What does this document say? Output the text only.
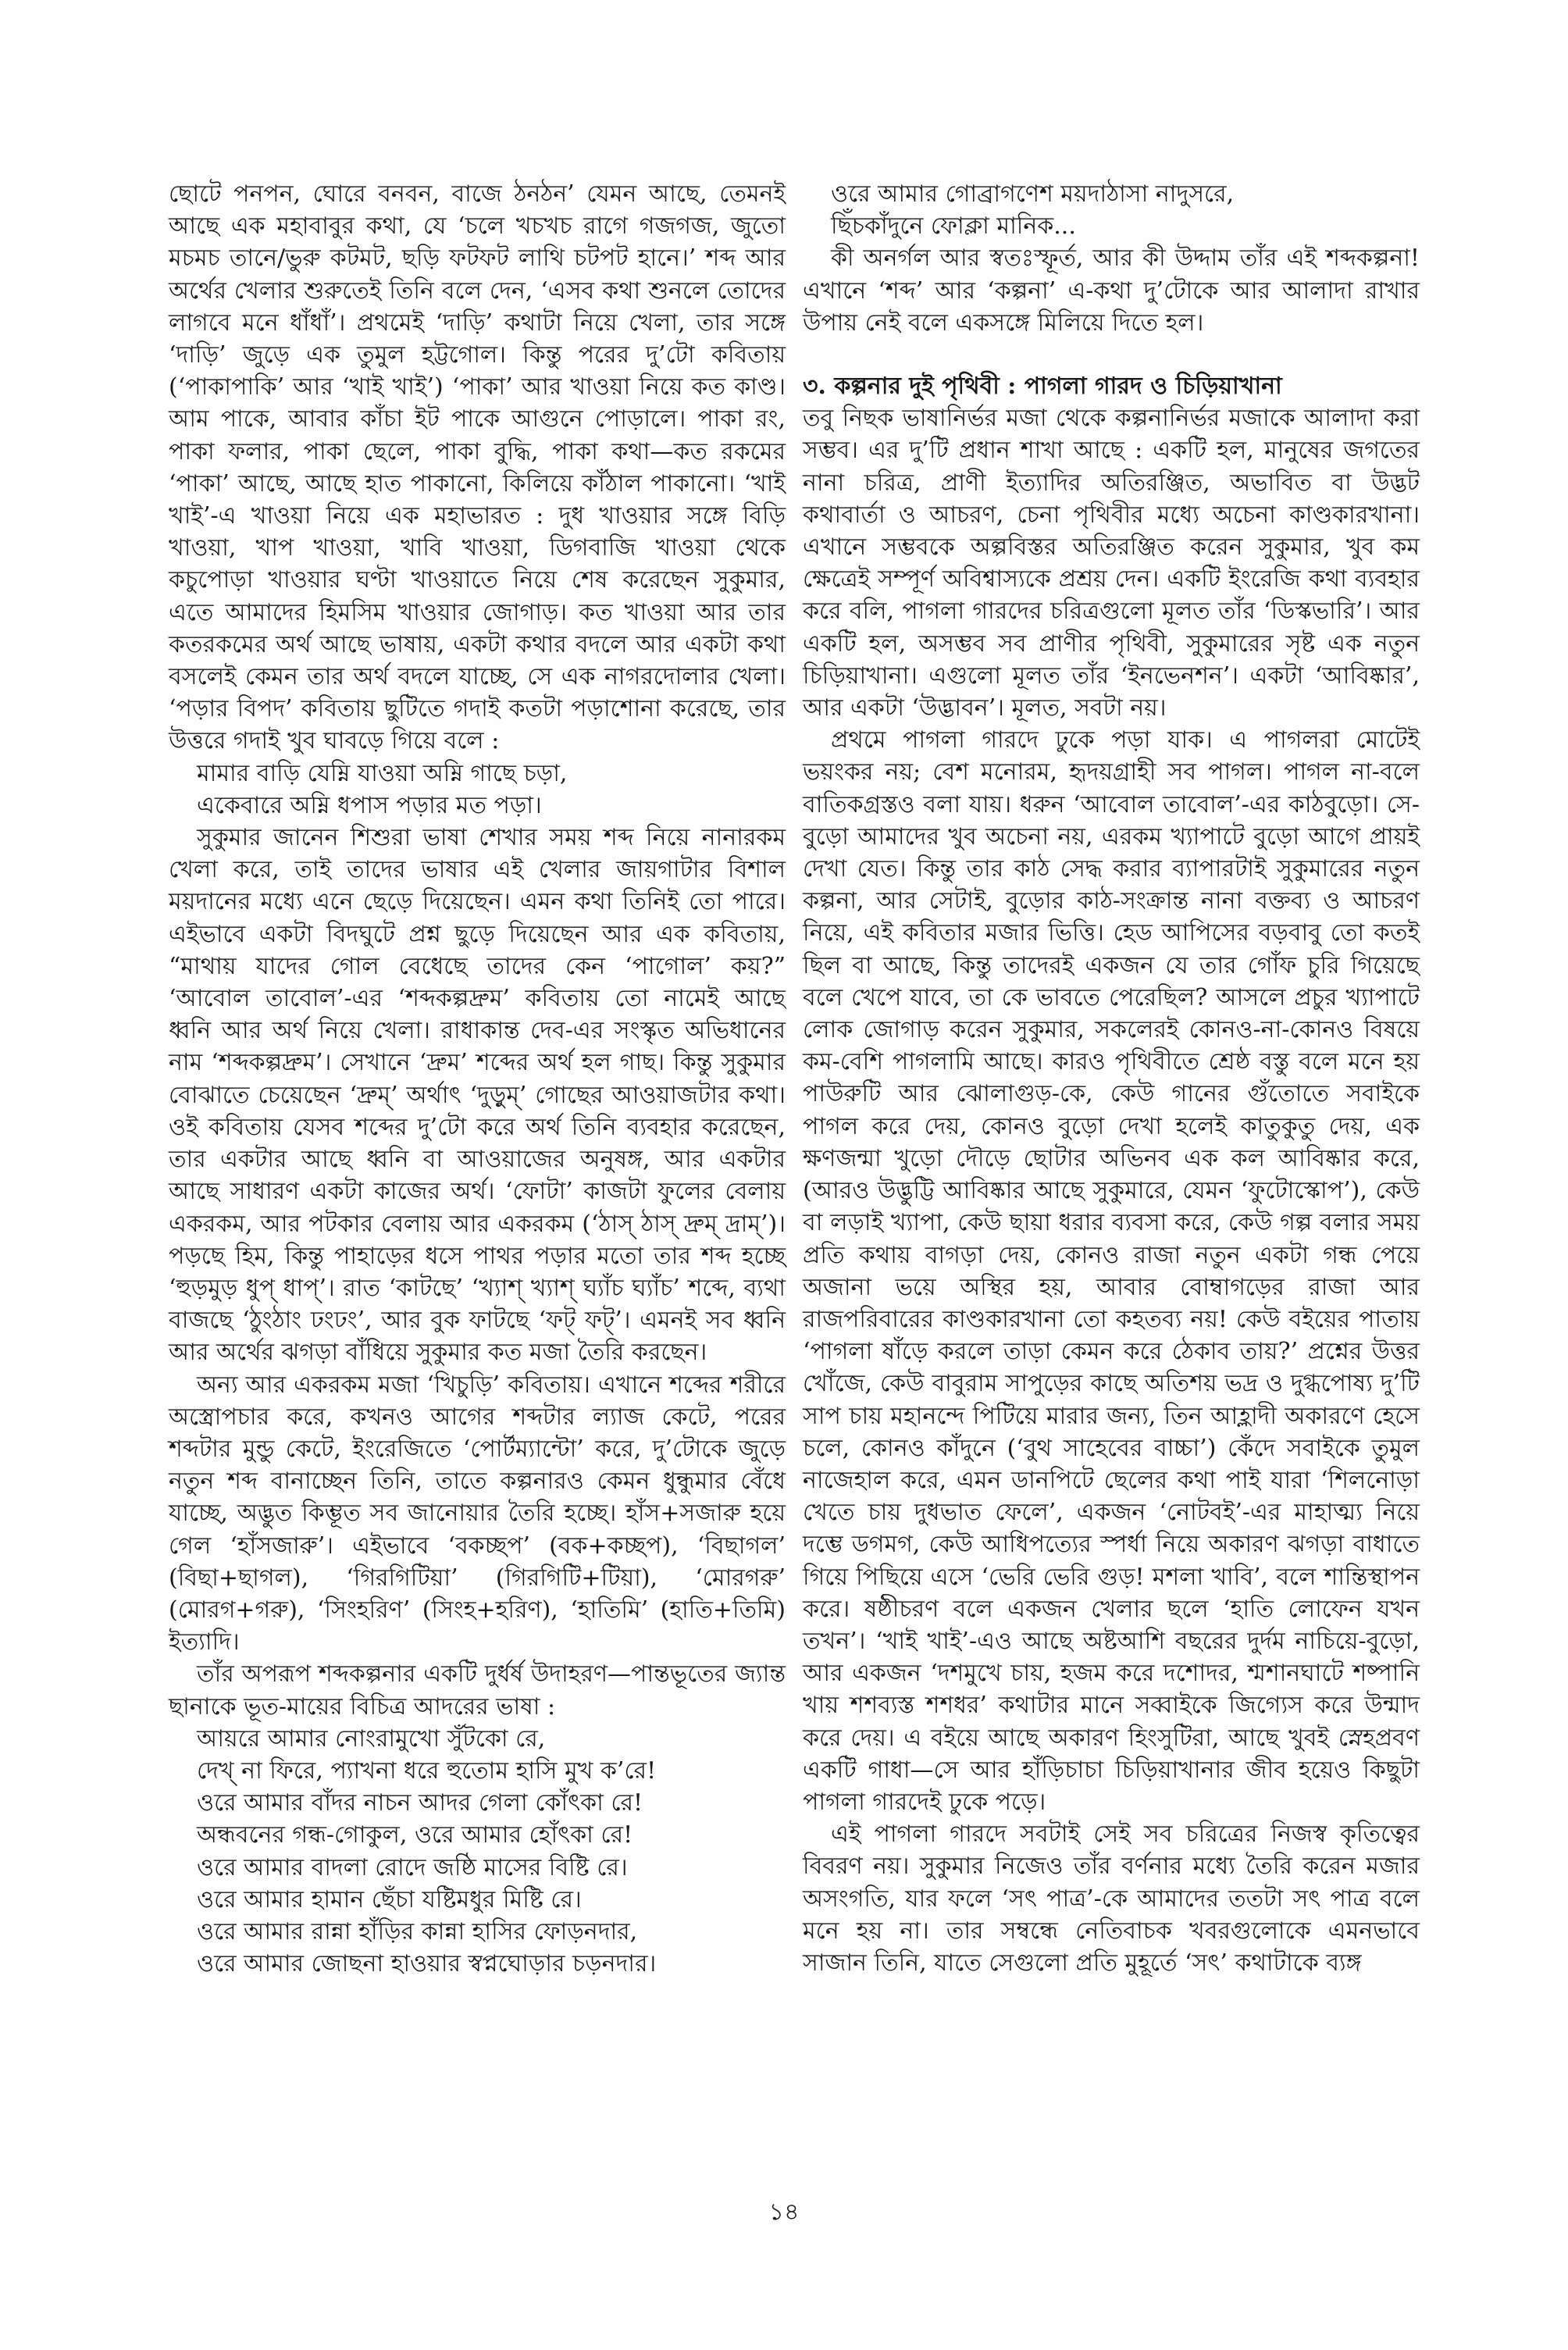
ছোটে পনপন, ঘোরে বনবন, বাজে ঠনঠন’ যেমন আছে, তেমনই আছে এক মহাবাবুর কথা, যে ‘চলে খচখচ রাগে গজগজ, জুতো মচমচ তানে/ভুরু কটমট, ছড়ি ফটফট লাথি চটপট হানে।’ শব্দ আর অর্থের খেলার শুরুতেই তিনি বলে দেন, ‘এসব কথা শুনলে তোদের লাগবে মনে ধাঁধাঁ’। প্রথমেই ‘দাড়ি’ কথাটা নিয়ে খেলা, তার সঙ্গে ‘দাড়ি’ জুড়ে এক তুমুল হট্টগোল। কিন্তু পরের দু’টো কবিতায় (‘পাকাপাকি’ আর ‘খাই খাই’) ‘পাকা’ আর খাওয়া নিয়ে কত কাণ্ড। আম পাকে, আবার কাঁচা ইট পাকে আগুনে পোড়ালে। পাকা রং, পাকা ফলার, পাকা ছেলে, পাকা বুদ্ধি, পাকা কথা—কত রকমের ‘পাকা’ আছে, আছে হাত পাকানো, কিলিয়ে কাঁঠাল পাকানো। ‘খাই খাই’-এ খাওয়া নিয়ে এক মহাভারত : দুধ খাওয়ার সঙ্গে বিড়ি খাওয়া, খাপ খাওয়া, খাবি খাওয়া, ডিগবাজি খাওয়া থেকে কচুপোড়া খাওয়ার ঘণ্টা খাওয়াতে নিয়ে শেষ করেছেন সুকুমার, এতে আমাদের হিমসিম খাওয়ার জোগাড়। কত খাওয়া আর তার কতরকমের অর্থ আছে ভাষায়, একটা কথার বদলে আর একটা কথা বসলেই কেমন তার অর্থ বদলে যাচ্ছে, সে এক নাগরদোলার খেলা। ‘পড়ার বিপদ’ কবিতায় ছুটিতে গদাই কতটা পড়াশোনা করেছে, তার উত্তরে গদাই খুব ঘাবড়ে গিয়ে বলে :

মামার বাড়ি যেম্নি যাওয়া অম্নি গাছে চড়া,
একেবারে অম্নি ধপাস পড়ার মত পড়া।

সুকুমার জানেন শিশুরা ভাষা শেখার সময় শব্দ নিয়ে নানারকম খেলা করে, তাই তাদের ভাষার এই খেলার জায়গাটার বিশাল ময়দানের মধ্যে এনে ছেড়ে দিয়েছেন। এমন কথা তিনিই তো পারে। এইভাবে একটা বিদঘুটে প্রশ্ন ছুড়ে দিয়েছেন আর এক কবিতায়, “মাথায় যাদের গোল বেধেছে তাদের কেন ‘পাগোল’ কয়?” ‘আবোল তাবোল’-এর ‘শব্দকল্পদ্রুম’ কবিতায় তো নামেই আছে ধ্বনি আর অর্থ নিয়ে খেলা। রাধাকান্ত দেব-এর সংস্কৃত অভিধানের নাম ‘শব্দকল্পদ্রুম’। সেখানে ‘দ্রুম’ শব্দের অর্থ হল গাছ। কিন্তু সুকুমার বোঝাতে চেয়েছেন ‘দ্রুম্’ অর্থাৎ ‘দুড়ুম্’ গোছের আওয়াজটার কথা। ওই কবিতায় যেসব শব্দের দু’টো করে অর্থ তিনি ব্যবহার করেছেন, তার একটার আছে ধ্বনি বা আওয়াজের অনুষঙ্গ, আর একটার আছে সাধারণ একটা কাজের অর্থ। ‘ফোটা’ কাজটা ফুলের বেলায় একরকম, আর পটকার বেলায় আর একরকম (‘ঠাস্ ঠাস্ দ্রুম্ দ্রাম্’)। পড়ছে হিম, কিন্তু পাহাড়ের ধসে পাথর পড়ার মতো তার শব্দ হচ্ছে ‘হুড়মুড় ধুপ্ ধাপ্’। রাত ‘কাটছে’ ‘খ্যাশ্ খ্যাশ্ ঘ্যাঁচ ঘ্যাঁচ’ শব্দে, ব্যথা বাজছে ‘ঠুংঠাং ঢংঢং’, আর বুক ফাটছে ‘ফট্ ফট্’। এমনই সব ধ্বনি আর অর্থের ঝগড়া বাঁধিয়ে সুকুমার কত মজা তৈরি করছেন।

অন্য আর একরকম মজা ‘খিচুড়ি’ কবিতায়। এখানে শব্দের শরীরে অস্ত্রোপচার করে, কখনও আগের শব্দটার ল্যাজ কেটে, পরের শব্দটার মুন্ডু কেটে, ইংরেজিতে ‘পোর্টম্যান্টো’ করে, দু’টোকে জুড়ে নতুন শব্দ বানাচ্ছেন তিনি, তাতে কল্পনারও কেমন ধুন্ধুমার বেঁধে যাচ্ছে, অদ্ভুত কিম্ভূত সব জানোয়ার তৈরি হচ্ছে। হাঁস+সজারু হয়ে গেল ‘হাঁসজারু’। এইভাবে ‘বকচ্ছপ’ (বক+কচ্ছপ), ‘বিছাগল’ (বিছা+ছাগল), ‘গিরগিটিয়া’ (গিরগিটি+টিয়া), ‘মোরগরু’ (মোরগ+গরু), ‘সিংহরিণ’ (সিংহ+হরিণ), ‘হাতিমি’ (হাতি+তিমি) ইত্যাদি।

তাঁর অপরূপ শব্দকল্পনার একটি দুর্ধর্ষ উদাহরণ—পান্তভূতের জ্যান্ত ছানাকে ভূত-মায়ের বিচিত্র আদরের ভাষা :

আয়রে আমার নোংরামুখো সুঁটকো রে,
দেখ্ না ফিরে, প্যাখনা ধরে হুতোম হাসি মুখ ক’রে!
ওরে আমার বাঁদর নাচন আদর গেলা কোঁৎকা রে!
অন্ধবনের গন্ধ-গোকুল, ওরে আমার হোঁৎকা রে!
ওরে আমার বাদলা রোদে জষ্ঠি মাসের বিষ্টি রে।
ওরে আমার হামান ছেঁচা যষ্টিমধুর মিষ্টি রে।
ওরে আমার রান্না হাঁড়ির কান্না হাসির ফোড়নদার,
ওরে আমার জোছনা হাওয়ার স্বপ্নঘোড়ার চড়নদার।
ওরে আমার গোব্রাগণেশ ময়দাঠাসা নাদুসরে,
ছিঁচকাঁদুনে ফোক্লা মানিক...

কী অনর্গল আর স্বতঃস্ফূর্ত, আর কী উদ্দাম তাঁর এই শব্দকল্পনা! এখানে ‘শব্দ’ আর ‘কল্পনা’ এ-কথা দু’টোকে আর আলাদা রাখার উপায় নেই বলে একসঙ্গে মিলিয়ে দিতে হল।

৩. কল্পনার দুই পৃথিবী : পাগলা গারদ ও চিড়িয়াখানা

তবু নিছক ভাষানির্ভর মজা থেকে কল্পনানির্ভর মজাকে আলাদা করা সম্ভব। এর দু’টি প্রধান শাখা আছে : একটি হল, মানুষের জগতের নানা চরিত্র, প্রাণী ইত্যাদির অতিরঞ্জিত, অভাবিত বা উদ্ভট কথাবার্তা ও আচরণ, চেনা পৃথিবীর মধ্যে অচেনা কাণ্ডকারখানা। এখানে সম্ভবকে অল্পবিস্তর অতিরঞ্জিত করেন সুকুমার, খুব কম ক্ষেত্রেই সম্পূর্ণ অবিশ্বাস্যকে প্রশ্রয় দেন। একটি ইংরেজি কথা ব্যবহার করে বলি, পাগলা গারদের চরিত্রগুলো মূলত তাঁর ‘ডিস্কভারি’। আর একটি হল, অসম্ভব সব প্রাণীর পৃথিবী, সুকুমারের সৃষ্ট এক নতুন চিড়িয়াখানা। এগুলো মূলত তাঁর ‘ইনভেনশন’। একটা ‘আবিষ্কার’, আর একটা ‘উদ্ভাবন’। মূলত, সবটা নয়।

প্রথমে পাগলা গারদে ঢুকে পড়া যাক। এ পাগলরা মোটেই ভয়ংকর নয়; বেশ মনোরম, হৃদয়গ্রাহী সব পাগল। পাগল না-বলে বাতিকগ্রস্তও বলা যায়। ধরুন ‘আবোল তাবোল’-এর কাঠবুড়ো। সে-বুড়ো আমাদের খুব অচেনা নয়, এরকম খ্যাপাটে বুড়ো আগে প্রায়ই দেখা যেত। কিন্তু তার কাঠ সেদ্ধ করার ব্যাপারটাই সুকুমারের নতুন কল্পনা, আর সেটাই, বুড়োর কাঠ-সংক্রান্ত নানা বক্তব্য ও আচরণ নিয়ে, এই কবিতার মজার ভিত্তি। হেড আপিসের বড়বাবু তো কতই ছিল বা আছে, কিন্তু তাদেরই একজন যে তার গোঁফ চুরি গিয়েছে বলে খেপে যাবে, তা কে ভাবতে পেরেছিল? আসলে প্রচুর খ্যাপাটে লোক জোগাড় করেন সুকুমার, সকলেরই কোনও-না-কোনও বিষয়ে কম-বেশি পাগলামি আছে। কারও পৃথিবীতে শ্রেষ্ঠ বস্তু বলে মনে হয় পাউরুটি আর ঝোলাগুড়-কে, কেউ গানের গুঁতোতে সবাইকে পাগল করে দেয়, কোনও বুড়ো দেখা হলেই কাতুকুতু দেয়, এক ক্ষণজন্মা খুড়ো দৌড়ে ছোটার অভিনব এক কল আবিষ্কার করে, (আরও উদ্ভুট্টি আবিষ্কার আছে সুকুমারে, যেমন ‘ফুটোস্কোপ’), কেউ বা লড়াই খ্যাপা, কেউ ছায়া ধরার ব্যবসা করে, কেউ গল্প বলার সময় প্রতি কথায় বাগড়া দেয়, কোনও রাজা নতুন একটা গন্ধ পেয়ে অজানা ভয়ে অস্থির হয়, আবার বোম্বাগড়ের রাজা আর রাজপরিবারের কাণ্ডকারখানা তো কহতব্য নয়! কেউ বইয়ের পাতায় ‘পাগলা ষাঁড়ে করলে তাড়া কেমন করে ঠেকাব তায়?’ প্রশ্নের উত্তর খোঁজে, কেউ বাবুরাম সাপুড়ের কাছে অতিশয় ভদ্র ও দুগ্ধপোষ্য দু’টি সাপ চায় মহানন্দে পিটিয়ে মারার জন্য, তিন আহ্লাদী অকারণে হেসে চলে, কোনও কাঁদুনে (‘বুথ সাহেবের বাচ্চা’) কেঁদে সবাইকে তুমুল নাজেহাল করে, এমন ডানপিটে ছেলের কথা পাই যারা ‘শিলনোড়া খেতে চায় দুধভাত ফেলে’, একজন ‘নোটবই’-এর মাহাত্ম্য নিয়ে দম্ভে ডগমগ, কেউ আধিপত্যের স্পর্ধা নিয়ে অকারণ ঝগড়া বাধাতে গিয়ে পিছিয়ে এসে ‘ভেরি ভেরি গুড়! মশলা খাবি’, বলে শান্তিস্থাপন করে। ষষ্ঠীচরণ বলে একজন খেলার ছলে ‘হাতি লোফেন যখন তখন’। ‘খাই খাই’-এও আছে অষ্টআশি বছরের দুর্দম নাচিয়ে-বুড়ো, আর একজন ‘দশমুখে চায়, হজম করে দশোদর, শ্মশানঘাটে শষ্পানি খায় শশব্যস্ত শশধর’ কথাটার মানে সব্বাইকে জিগ্যেস করে উন্মাদ করে দেয়। এ বইয়ে আছে অকারণ হিংসুটিরা, আছে খুবই স্নেহপ্রবণ একটি গাধা—সে আর হাঁড়িচাচা চিড়িয়াখানার জীব হয়েও কিছুটা পাগলা গারদেই ঢুকে পড়ে।

এই পাগলা গারদে সবটাই সেই সব চরিত্রের নিজস্ব কৃতিত্বের বিবরণ নয়। সুকুমার নিজেও তাঁর বর্ণনার মধ্যে তৈরি করেন মজার অসংগতি, যার ফলে ‘সৎ পাত্র’-কে আমাদের ততটা সৎ পাত্র বলে মনে হয় না। তার সম্বন্ধে নেতিবাচক খবরগুলোকে এমনভাবে সাজান তিনি, যাতে সেগুলো প্রতি মুহূর্তে ‘সৎ’ কথাটাকে ব্যঙ্গ

১৪
